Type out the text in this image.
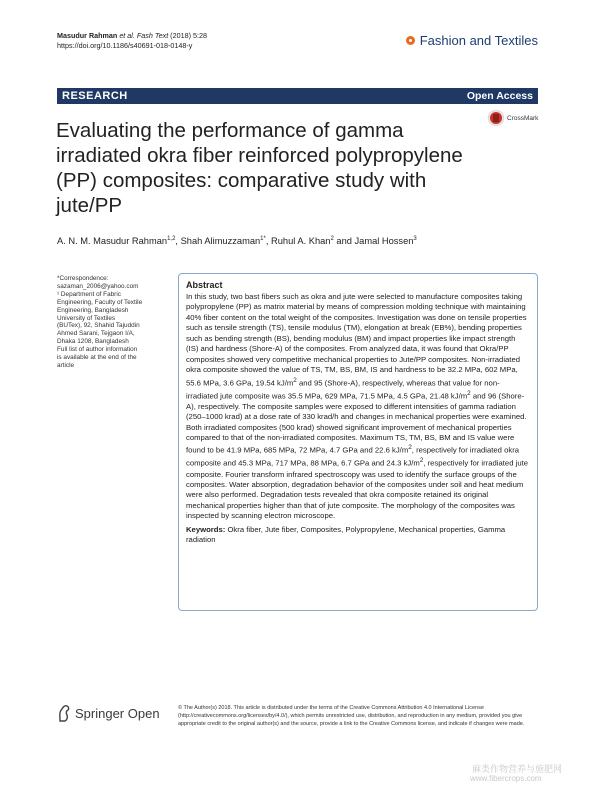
Masudur Rahman et al. Fash Text (2018) 5:28
https://doi.org/10.1186/s40691-018-0148-y	Fashion and Textiles
RESEARCH	Open Access
Evaluating the performance of gamma irradiated okra fiber reinforced polypropylene (PP) composites: comparative study with jute/PP
CrossMark
A. N. M. Masudur Rahman$^{1,2}$, Shah Alimuzzaman$^{1*}$, Ruhul A. Khan$^2$ and Jamal Hossen$^3$
*Correspondence:
sazaman_2006@yahoo.com
¹ Department of Fabric
Engineering, Faculty of Textile
Engineering, Bangladesh
University of Textiles
(BUTex), 92, Shahid Tajuddin
Ahmed Sarani, Tejgaon I/A,
Dhaka 1208, Bangladesh
Full list of author information
is available at the end of the
article
Abstract

In this study, two bast fibers such as okra and jute were selected to manufacture composites taking polypropylene (PP) as matrix material by means of compression molding technique with maintaining 40% fiber content on the total weight of the composites. Investigation was done on tensile properties such as tensile strength (TS), tensile modulus (TM), elongation at break (EB%), bending properties such as bending strength (BS), bending modulus (BM) and impact properties like impact strength (IS) and hardness (Shore-A) of the composites. From analyzed data, it was found that Okra/PP composites showed very competitive mechanical properties to Jute/PP composites. Non-irradiated okra composite showed the value of TS, TM, BS, BM, IS and hardness to be 32.2 MPa, 602 MPa, 55.6 MPa, 3.6 GPa, 19.54 $kJ/m^2$ and 95 (Shore-A), respectively, whereas that value for non-irradiated jute composite was 35.5 MPa, 629 MPa, 71.5 MPa, 4.5 GPa, 21.48 $kJ/m^2$ and 96 (Shore-A), respectively. The composite samples were exposed to different intensities of gamma radiation (250–1000 krad) at a dose rate of 330 krad/h and changes in mechanical properties were examined. Both irradiated composites (500 krad) showed significant improvement of mechanical properties compared to that of the non-irradiated composites. Maximum TS, TM, BS, BM and IS value were found to be 41.9 MPa, 685 MPa, 72 MPa, 4.7 GPa and 22.6 $kJ/m^2$, respectively for irradiated okra composite and 45.3 MPa, 717 MPa, 88 MPa, 6.7 GPa and 24.3 $kJ/m^2$, respectively for irradiated jute composite. Fourier transform infrared spectroscopy was used to identify the surface groups of the composites. Water absorption, degradation behavior of the composites under soil and heat medium were also performed. Degradation tests revealed that okra composite retained its original mechanical properties higher than that of jute composite. The morphology of the composites was inspected by scanning electron microscope.

Keywords: Okra fiber, Jute fiber, Composites, Polypropylene, Mechanical properties, Gamma radiation
Springer Open	© The Author(s) 2018. This article is distributed under the terms of the Creative Commons Attribution 4.0 International License (http://creativecommons.org/licenses/by/4.0/), which permits unrestricted use, distribution, and reproduction in any medium, provided you give appropriate credit to the original author(s) and the source, provide a link to the Creative Commons license, and indicate if changes were made.
麻类作物营养与施肥网
www.fibercrops.com
